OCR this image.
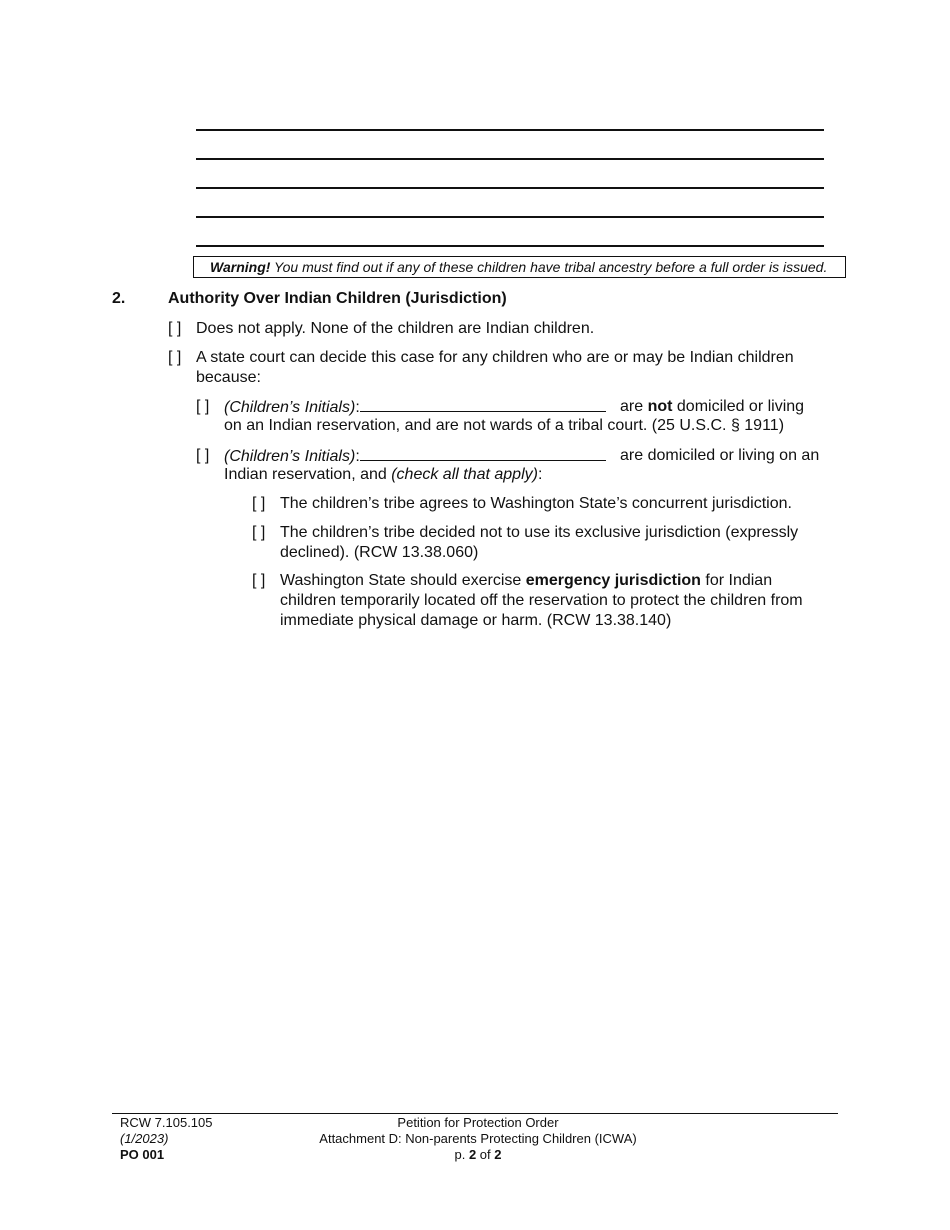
Warning! You must find out if any of these children have tribal ancestry before a full order is issued.
2.	Authority Over Indian Children (Jurisdiction)
[ ] Does not apply. None of the children are Indian children.
[ ] A state court can decide this case for any children who are or may be Indian children
because:
[ ] (Children’s Initials):	are not domiciled or living
on an Indian reservation, and are not wards of a tribal court. (25 U.S.C. § 1911)
[ ] (Children’s Initials):	are domiciled or living on an
Indian reservation, and (check all that apply):
[ ] The children’s tribe agrees to Washington State’s concurrent jurisdiction.
[ ] The children’s tribe decided not to use its exclusive jurisdiction (expressly
declined). (RCW 13.38.060)
[ ] Washington State should exercise emergency jurisdiction for Indian
children temporarily located off the reservation to protect the children from
immediate physical damage or harm. (RCW 13.38.140)
RCW 7.105.105
(1/2023)
PO 001
Petition for Protection Order
Attachment D: Non-parents Protecting Children (ICWA)
p. 2 of 2
